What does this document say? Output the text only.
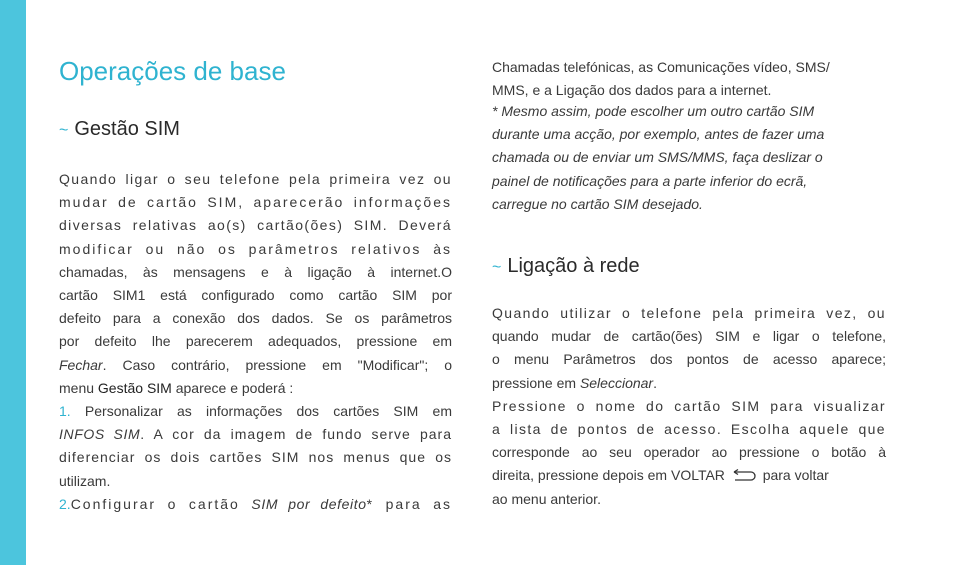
Operações de base
~ Gestão SIM

Quando ligar o seu telefone pela primeira vez ou

mudar de cartão SIM, aparecerão informações

diversas relativas ao(s) cartão(ões) SIM. Deverá

modificar ou não os parâmetros relativos às

chamadas, às mensagens e à ligação à internet.O

cartão SIM1 está configurado como cartão SIM por

defeito para a conexão dos dados. Se os parâmetros

por defeito lhe parecerem adequados, pressione em

Fechar. Caso contrário, pressione em "Modificar"; o

menu Gestão SIM aparece e poderá :

1. Personalizar as informações dos cartões SIM em

INFOS SIM. A cor da imagem de fundo serve para

diferenciar os dois cartões SIM nos menus que os

utilizam.

2.Configurar o cartão SIM por defeito* para as

Chamadas telefónicas, as Comunicações vídeo, SMS/

MMS, e a Ligação dos dados para a internet.

* Mesmo assim, pode escolher um outro cartão SIM

durante uma acção, por exemplo, antes de fazer uma

chamada ou de enviar um SMS/MMS, faça deslizar o

painel de notificações para a parte inferior do ecrã,

carregue no cartão SIM desejado.

~ Ligação à rede

Quando utilizar o telefone pela primeira vez, ou

quando mudar de cartão(ões) SIM e ligar o telefone,

o menu Parâmetros dos pontos de acesso aparece;

pressione em Seleccionar.

Pressione o nome do cartão SIM para visualizar

a lista de pontos de acesso. Escolha aquele que

corresponde ao seu operador ao pressione o botão à

direita, pressione depois em VOLTAR  para voltar

ao menu anterior.
